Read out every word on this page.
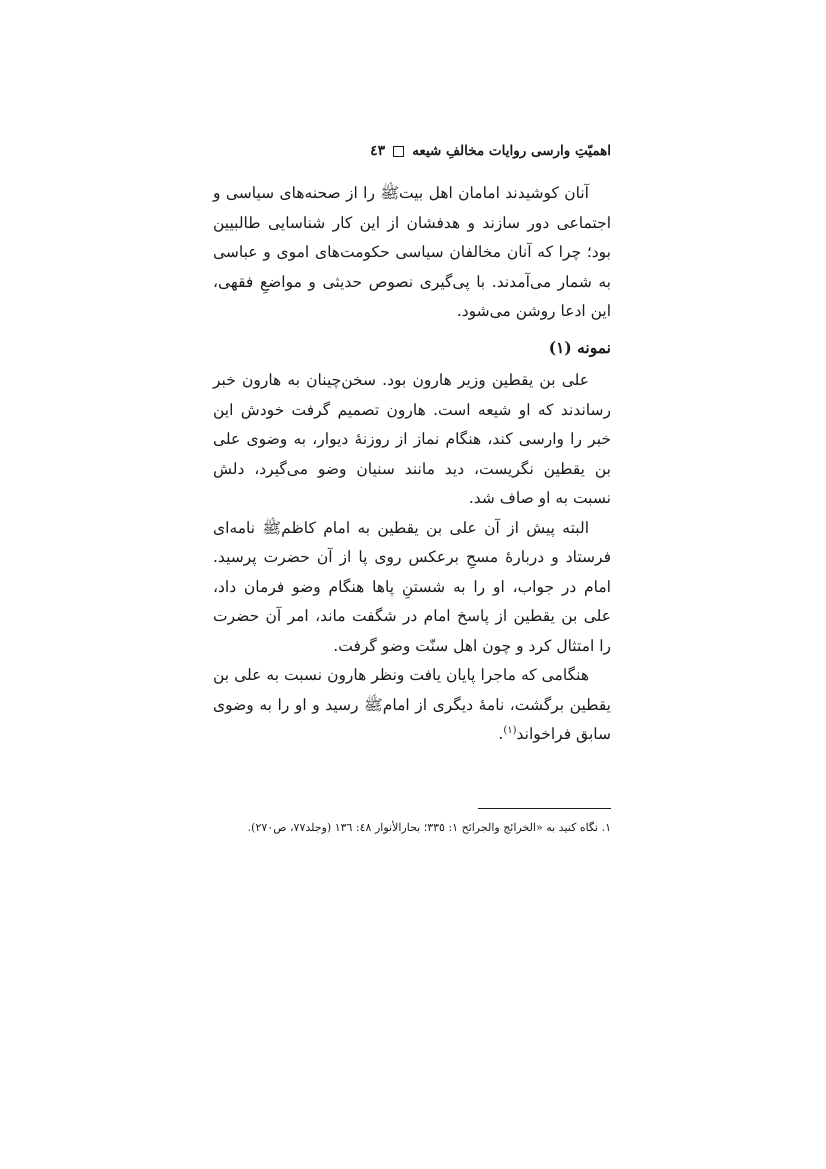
اهمیّتِ وارسی روایات مخالفِ شیعه٤٣

آنان کوشیدند امامان اهل بیتﷺ را از صحنه‌های سیاسی و اجتماعی دور سازند و هدفشان از این کار شناسایی طالبیین بود؛ چرا که آنان مخالفان سیاسی حکومت‌های اموی و عباسی به شمار می‌آمدند. با پی‌گیری نصوص حدیثی و مواضعِ فقهی، این ادعا روشن می‌شود.

نمونه (۱)

علی بن یقطین وزیر هارون بود. سخن‌چینان به هارون خبر رساندند که او شیعه است. هارون تصمیم گرفت خودش این خبر را وارسی کند، هنگام نماز از روزنۀ دیوار، به وضوی علی بن یقطین نگریست، دید مانند سنیان وضو می‌گیرد، دلش نسبت به او صاف شد.

البته پیش از آن علی بن یقطین به امام کاظمﷺ نامه‌ای فرستاد و دربارۀ مسحِ برعکس روی پا از آن حضرت پرسید. امام در جواب، او را به شستنِ پاها هنگام وضو فرمان داد، علی بن یقطین از پاسخ امام در شگفت ماند، امر آن حضرت را امتثال کرد و چون اهل سنّت وضو گرفت.

هنگامی که ماجرا پایان یافت ونظر هارون نسبت به علی بن یقطین برگشت، نامۀ دیگری از امامﷺ رسید و او را به وضوی سابق فراخواند$^{(۱)}$.

١. نگاه کنید به «الخرائج والجرائح ١: ٣٣٥؛ بحارالأنوار ٤٨: ١٣٦ (وجلد٧٧، ص٢٧٠).
